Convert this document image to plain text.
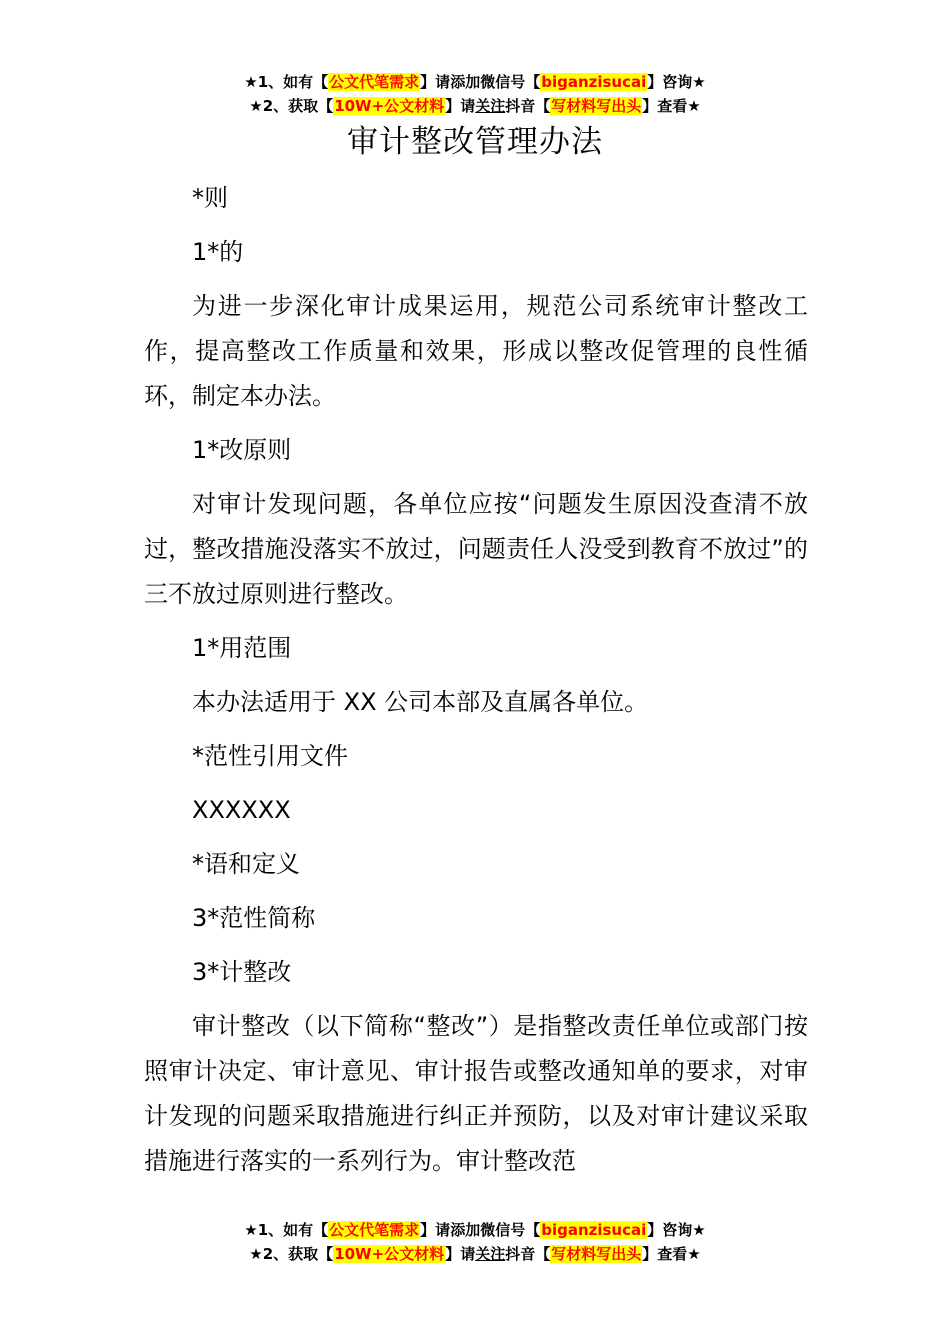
★1、如有【公文代笔需求】请添加微信号【biganzisucai】咨询★
★2、获取【10W+公文材料】请关注抖音【写材料写出头】查看★
审计整改管理办法

*则

1*的

为进一步深化审计成果运用，规范公司系统审计整改工作，提高整改工作质量和效果，形成以整改促管理的良性循环，制定本办法。

1*改原则

对审计发现问题，各单位应按“问题发生原因没查清不放过，整改措施没落实不放过，问题责任人没受到教育不放过”的三不放过原则进行整改。

1*用范围

本办法适用于 XX 公司本部及直属各单位。

*范性引用文件

XXXXXX

*语和定义

3*范性简称

3*计整改

审计整改（以下简称“整改”）是指整改责任单位或部门按照审计决定、审计意见、审计报告或整改通知单的要求，对审计发现的问题采取措施进行纠正并预防，以及对审计建议采取措施进行落实的一系列行为。审计整改范

★1、如有【公文代笔需求】请添加微信号【biganzisucai】咨询★
★2、获取【10W+公文材料】请关注抖音【写材料写出头】查看★
